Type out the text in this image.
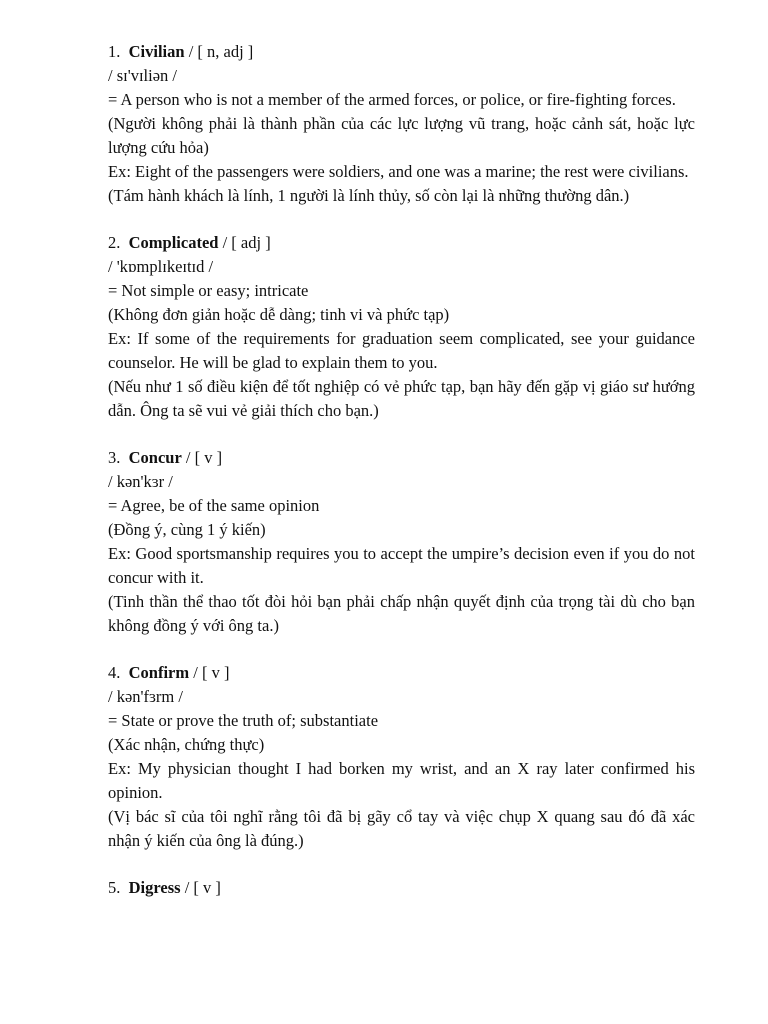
1. Civilian / [ n, adj ]
/ sɪ'vɪliən /
= A person who is not a member of the armed forces, or police, or fire-fighting forces.
(Người không phải là thành phần của các lực lượng vũ trang, hoặc cảnh sát, hoặc lực lượng cứu hỏa)
Ex: Eight of the passengers were soldiers, and one was a marine; the rest were civilians.
(Tám hành khách là lính, 1 người là lính thủy, số còn lại là những thường dân.)
2. Complicated / [ adj ]
/ 'kɒmplɪkeɪtɪd /
= Not simple or easy; intricate
(Không đơn giản hoặc dễ dàng; tinh vi và phức tạp)
Ex: If some of the requirements for graduation seem complicated, see your guidance counselor. He will be glad to explain them to you.
(Nếu như 1 số điều kiện để tốt nghiệp có vẻ phức tạp, bạn hãy đến gặp vị giáo sư hướng dẫn. Ông ta sẽ vui vẻ giải thích cho bạn.)
3. Concur / [ v ]
/ kən'kɜr /
= Agree, be of the same opinion
(Đồng ý, cùng 1 ý kiến)
Ex: Good sportsmanship requires you to accept the umpire’s decision even if you do not concur with it.
(Tinh thần thể thao tốt đòi hỏi bạn phải chấp nhận quyết định của trọng tài dù cho bạn không đồng ý với ông ta.)
4. Confirm / [ v ]
/ kən'fɜrm /
= State or prove the truth of; substantiate
(Xác nhận, chứng thực)
Ex: My physician thought I had borken my wrist, and an X ray later confirmed his opinion.
(Vị bác sĩ của tôi nghĩ rằng tôi đã bị gãy cổ tay và việc chụp X quang sau đó đã xác nhận ý kiến của ông là đúng.)
5. Digress / [ v ]
